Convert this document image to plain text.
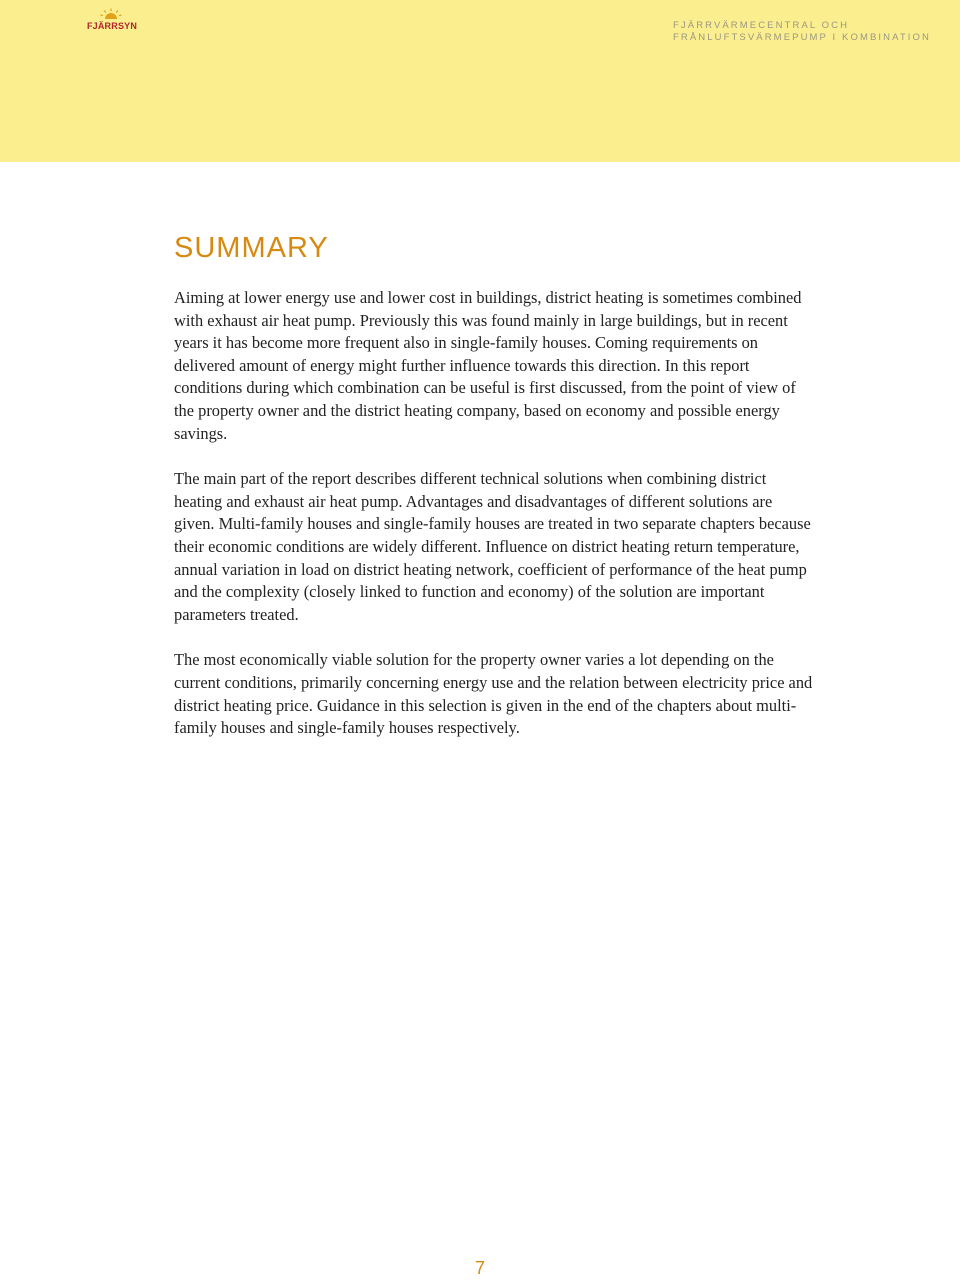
FJÄRRSYN	FJÄRRVÄRMECENTRAL OCH
FRÅNLUFTSVÄRMEPUMP I KOMBINATION
SUMMARY

Aiming at lower energy use and lower cost in buildings, district heating is sometimes combined with exhaust air heat pump. Previously this was found mainly in large buildings, but in recent years it has become more frequent also in single-family houses. Coming requirements on delivered amount of energy might further influence towards this direction. In this report conditions during which combination can be useful is first discussed, from the point of view of the property owner and the district heating company, based on economy and possible energy savings.

The main part of the report describes different technical solutions when combining district heating and exhaust air heat pump. Advantages and disadvantages of different solutions are given. Multi-family houses and single-family houses are treated in two separate chapters because their economic conditions are widely different. Influence on district heating return temperature, annual variation in load on district heating network, coefficient of performance of the heat pump and the complexity (closely linked to function and economy) of the solution are important parameters treated.

The most economically viable solution for the property owner varies a lot depending on the current conditions, primarily concerning energy use and the relation between electricity price and district heating price. Guidance in this selection is given in the end of the chapters about multi-family houses and single-family houses respectively.

7
